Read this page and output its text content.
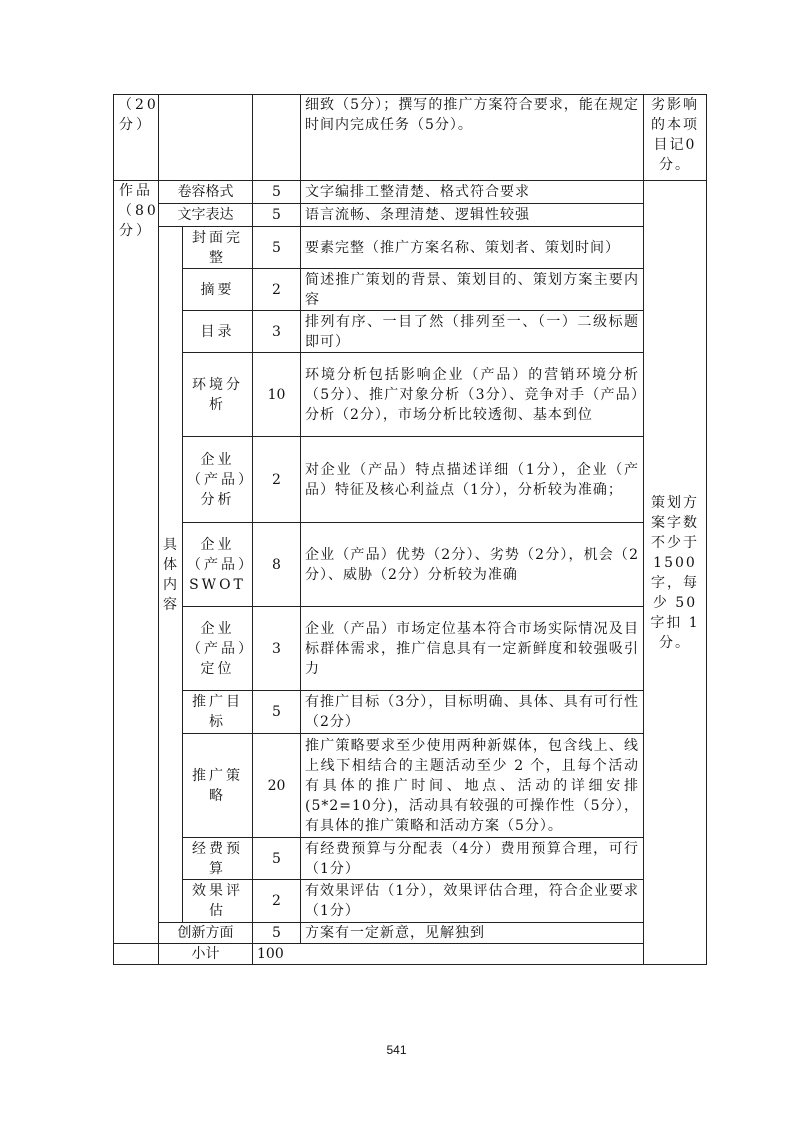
（20分）				细致（5分）；撰写的推广方案符合要求，能在规定时间内完成任务（5分）。	劣影响的本项目记0分。
作品（80分）	卷容格式		5	文字编排工整清楚、格式符合要求	策划方案字数不少于1500字，每少 50 字扣 1 分。
	文字表达		5	语言流畅、条理清楚、逻辑性较强	
	具体内容	封面完整	5	要素完整（推广方案名称、策划者、策划时间）	
		摘要	2	简述推广策划的背景、策划目的、策划方案主要内容	
		目录	3	排列有序、一目了然（排列至一、（一）二级标题即可）	
		环境分析	10	环境分析包括影响企业（产品）的营销环境分析（5分）、推广对象分析（3分）、竞争对手（产品）分析（2分），市场分析比较透彻、基本到位	
		企业（产品）分析	2	对企业（产品）特点描述详细（1分），企业（产品）特征及核心利益点（1分），分析较为准确；	
		企业（产品）SWOT	8	企业（产品）优势（2分）、劣势（2分），机会（2分）、威胁（2分）分析较为准确	
		企业（产品）定位	3	企业（产品）市场定位基本符合市场实际情况及目标群体需求，推广信息具有一定新鲜度和较强吸引力	
		推广目标	5	有推广目标（3分），目标明确、具体、具有可行性（2分）	
		推广策略	20	推广策略要求至少使用两种新媒体，包含线上、线上线下相结合的主题活动至少 2 个，且每个活动有具体的推广时间、地点、活动的详细安排(5*2=10分)，活动具有较强的可操作性（5分），有具体的推广策略和活动方案（5分）。	
		经费预算	5	有经费预算与分配表（4分）费用预算合理，可行（1分）	
		效果评估	2	有效果评估（1分），效果评估合理，符合企业要求（1分）	
	创新方面		5	方案有一定新意，见解独到	
	小计		100		
541
